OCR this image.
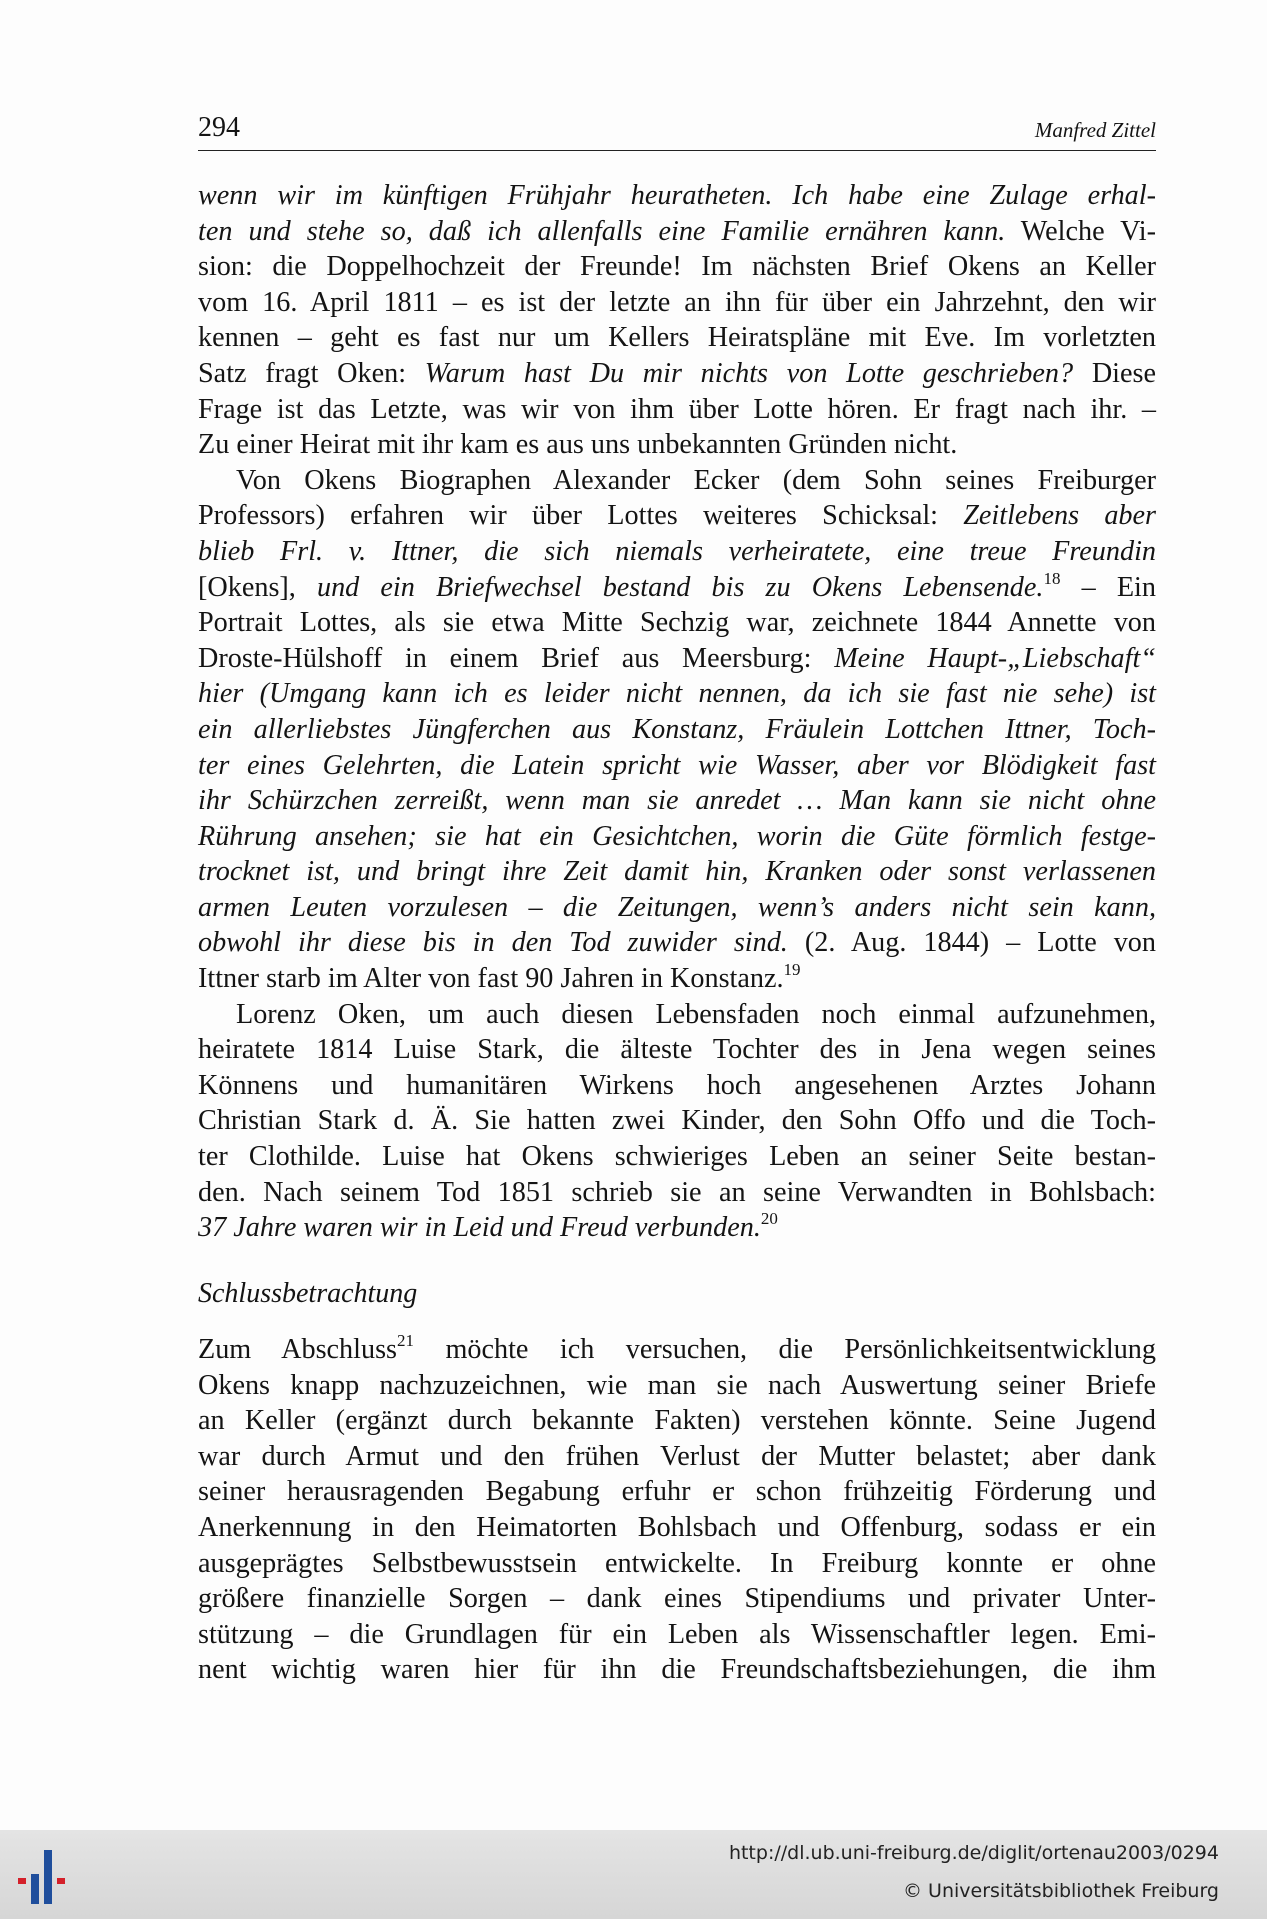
294	Manfred Zittel

wenn wir im künftigen Frühjahr heuratheten. Ich habe eine Zulage erhal-
ten und stehe so, daß ich allenfalls eine Familie ernähren kann. Welche Vi-
sion: die Doppelhochzeit der Freunde! Im nächsten Brief Okens an Keller
vom 16. April 1811 – es ist der letzte an ihn für über ein Jahrzehnt, den wir
kennen – geht es fast nur um Kellers Heiratspläne mit Eve. Im vorletzten
Satz fragt Oken: Warum hast Du mir nichts von Lotte geschrieben? Diese
Frage ist das Letzte, was wir von ihm über Lotte hören. Er fragt nach ihr. –
Zu einer Heirat mit ihr kam es aus uns unbekannten Gründen nicht.

Von Okens Biographen Alexander Ecker (dem Sohn seines Freiburger
Professors) erfahren wir über Lottes weiteres Schicksal: Zeitlebens aber
blieb Frl. v. Ittner, die sich niemals verheiratete, eine treue Freundin
[Okens], und ein Briefwechsel bestand bis zu Okens Lebensende.$^{18}$ – Ein
Portrait Lottes, als sie etwa Mitte Sechzig war, zeichnete 1844 Annette von
Droste-Hülshoff in einem Brief aus Meersburg: Meine Haupt-„Liebschaft“
hier (Umgang kann ich es leider nicht nennen, da ich sie fast nie sehe) ist
ein allerliebstes Jüngferchen aus Konstanz, Fräulein Lottchen Ittner, Toch-
ter eines Gelehrten, die Latein spricht wie Wasser, aber vor Blödigkeit fast
ihr Schürzchen zerreißt, wenn man sie anredet … Man kann sie nicht ohne
Rührung ansehen; sie hat ein Gesichtchen, worin die Güte förmlich festge-
trocknet ist, und bringt ihre Zeit damit hin, Kranken oder sonst verlassenen
armen Leuten vorzulesen – die Zeitungen, wenn’s anders nicht sein kann,
obwohl ihr diese bis in den Tod zuwider sind. (2. Aug. 1844) – Lotte von
Ittner starb im Alter von fast 90 Jahren in Konstanz.$^{19}$

Lorenz Oken, um auch diesen Lebensfaden noch einmal aufzunehmen,
heiratete 1814 Luise Stark, die älteste Tochter des in Jena wegen seines
Könnens und humanitären Wirkens hoch angesehenen Arztes Johann
Christian Stark d. Ä. Sie hatten zwei Kinder, den Sohn Offo und die Toch-
ter Clothilde. Luise hat Okens schwieriges Leben an seiner Seite bestan-
den. Nach seinem Tod 1851 schrieb sie an seine Verwandten in Bohlsbach:
37 Jahre waren wir in Leid und Freud verbunden.$^{20}$

Schlussbetrachtung

Zum Abschluss$^{21}$ möchte ich versuchen, die Persönlichkeitsentwicklung
Okens knapp nachzuzeichnen, wie man sie nach Auswertung seiner Briefe
an Keller (ergänzt durch bekannte Fakten) verstehen könnte. Seine Jugend
war durch Armut und den frühen Verlust der Mutter belastet; aber dank
seiner herausragenden Begabung erfuhr er schon frühzeitig Förderung und
Anerkennung in den Heimatorten Bohlsbach und Offenburg, sodass er ein
ausgeprägtes Selbstbewusstsein entwickelte. In Freiburg konnte er ohne
größere finanzielle Sorgen – dank eines Stipendiums und privater Unter-
stützung – die Grundlagen für ein Leben als Wissenschaftler legen. Emi-
nent wichtig waren hier für ihn die Freundschaftsbeziehungen, die ihm

http://dl.ub.uni-freiburg.de/diglit/ortenau2003/0294
© Universitätsbibliothek Freiburg
